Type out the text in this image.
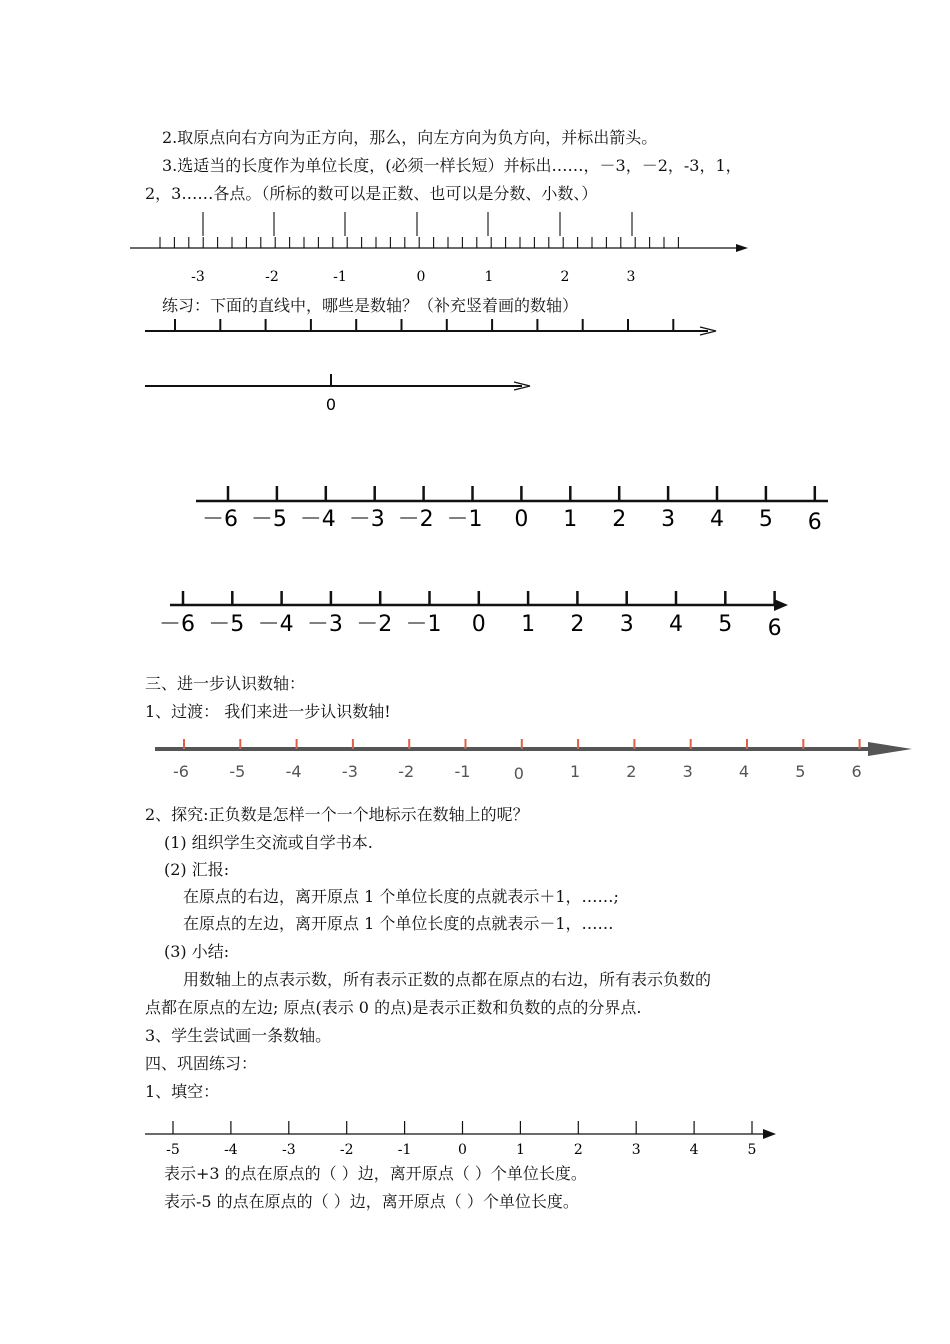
2.取原点向右方向为正方向，那么，向左方向为负方向，并标出箭头。
3.选适当的长度作为单位长度，(必须一样长短）并标出……，－3，－2，-3，1，
2，3……各点。（所标的数可以是正数、也可以是分数、小数、）
-3	-2	-1	0	1	2	3
练习：下面的直线中，哪些是数轴？（补充竖着画的数轴）
0
－6 －5 －4 －3 －2 －1 0 1 2 3 4 5 6
－6 －5 －4 －3 －2 －1 0 1 2 3 4 5 6
三、进一步认识数轴：
1、过渡： 我们来进一步认识数轴!
-6	-5	-4	-3	-2	-1	0	1	2	3	4	5	6
2、探究:正负数是怎样一个一个地标示在数轴上的呢？
(1) 组织学生交流或自学书本.
(2) 汇报:
在原点的右边，离开原点 1 个单位长度的点就表示＋1，……;
在原点的左边，离开原点 1 个单位长度的点就表示－1，……
(3) 小结:
用数轴上的点表示数，所有表示正数的点都在原点的右边，所有表示负数的
点都在原点的左边; 原点(表示 0 的点)是表示正数和负数的点的分界点.
3、学生尝试画一条数轴。
四、巩固练习：
1、填空：
-5	-4	-3	-2	-1	0	1	2	3	4	5
表示+3 的点在原点的（ ）边，离开原点（ ）个单位长度。
表示-5 的点在原点的（ ）边，离开原点（ ）个单位长度。
